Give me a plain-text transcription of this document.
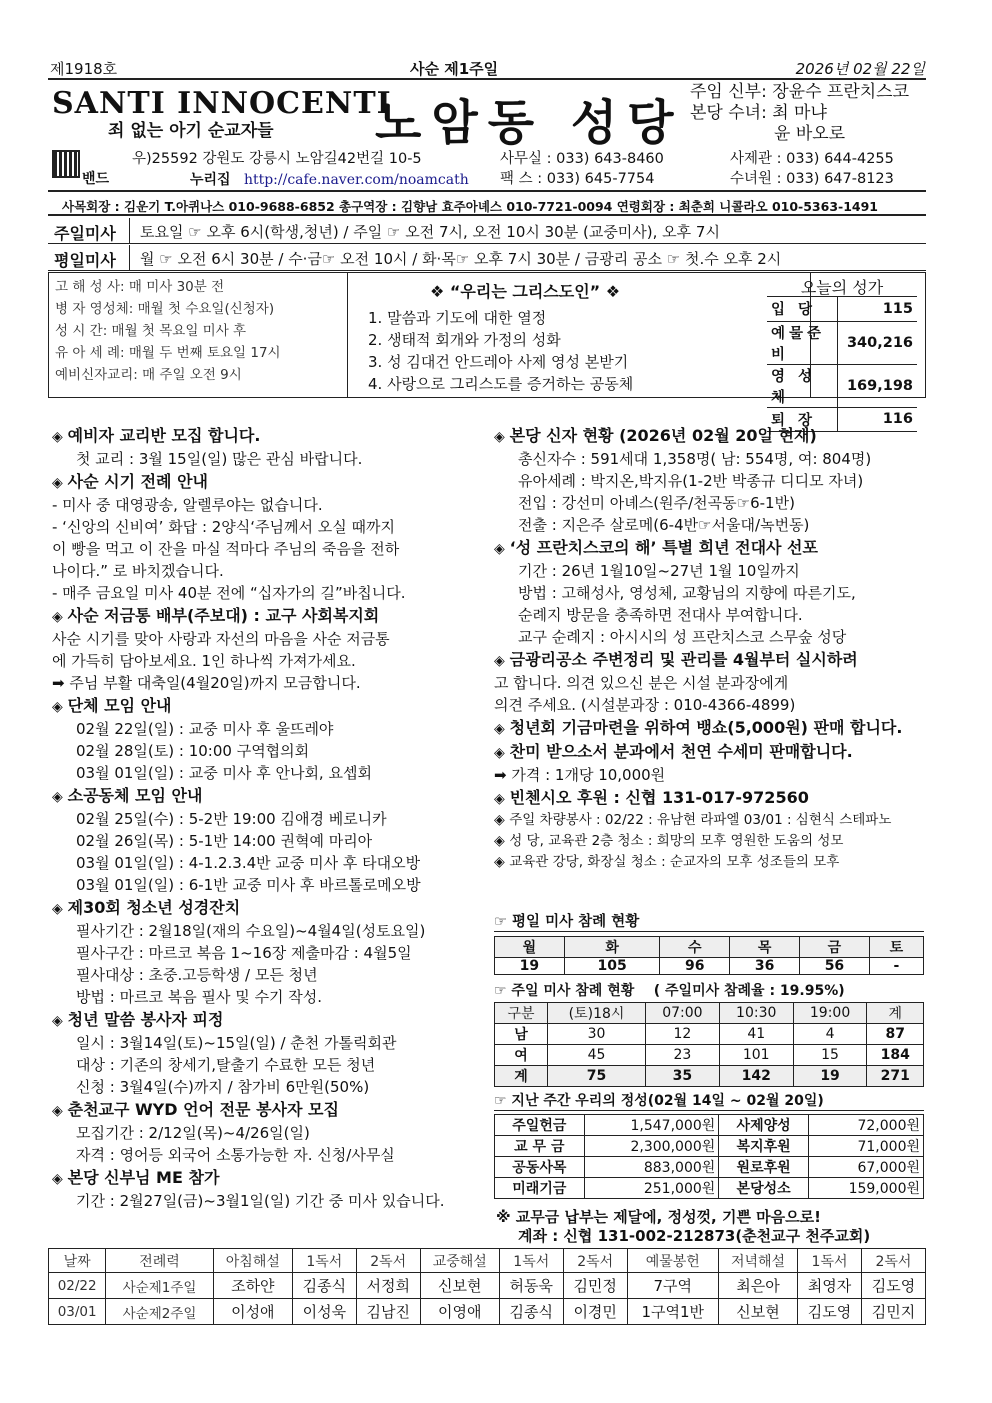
제1918호	사순 제1주일	2026년 02월 22일
SANTI INNOCENTI
죄 없는 아기 순교자들 노암동 성당
주임 신부: 장윤수 프란치스코
본당 수녀: 최 마냐
윤 바오로
밴드
우)25592 강원도 강릉시 노암길42번길 10-5
누리집 http://cafe.naver.com/noamcath
사무실 : 033) 643-8460
팩 스 : 033) 645-7754
사제관 : 033) 644-4255
수녀원 : 033) 647-8123
사목회장 : 김운기 T.아퀴나스 010-9688-6852 총구역장 : 김향남 효주아녜스 010-7721-0094 연령회장 : 최춘희 니콜라오 010-5363-1491
주일미사	토요일 ☞ 오후 6시(학생,청년) / 주일 ☞ 오전 7시, 오전 10시 30분 (교중미사), 오후 7시
평일미사	월 ☞ 오전 6시 30분 / 수·금☞ 오전 10시 / 화·목☞ 오후 7시 30분 / 금광리 공소 ☞ 첫.수 오후 2시
고 해 성 사: 매 미사 30분 전
병 자 영성체: 매월 첫 수요일(신청자)
성 시 간: 매월 첫 목요일 미사 후
유 아 세 례: 매월 두 번째 토요일 17시
예비신자교리: 매 주일 오전 9시
❖ “우리는 그리스도인” ❖
1. 말씀과 기도에 대한 열정
2. 생태적 회개와 가정의 성화
3. 성 김대건 안드레아 사제 영성 본받기
4. 사랑으로 그리스도를 증거하는 공동체
오늘의 성가
입 당	115
예물준비	340,216
영 성 체	169,198
퇴 장	116
◈ 예비자 교리반 모집 합니다.
첫 교리 : 3월 15일(일) 많은 관심 바랍니다.
◈ 사순 시기 전례 안내
- 미사 중 대영광송, 알렐루야는 없습니다.
- ‘신앙의 신비여’ 화답 : 2양식‘주님께서 오실 때까지
이 빵을 먹고 이 잔을 마실 적마다 주님의 죽음을 전하
나이다.” 로 바치겠습니다.
- 매주 금요일 미사 40분 전에 “십자가의 길”바칩니다.
◈ 사순 저금통 배부(주보대) : 교구 사회복지회
사순 시기를 맞아 사랑과 자선의 마음을 사순 저금통
에 가득히 담아보세요. 1인 하나씩 가져가세요.
➡ 주님 부활 대축일(4월20일)까지 모금합니다.
◈ 단체 모임 안내
02월 22일(일) : 교중 미사 후 울뜨레야
02월 28일(토) : 10:00 구역협의회
03월 01일(일) : 교중 미사 후 안나회, 요셉회
◈ 소공동체 모임 안내
02월 25일(수) : 5-2반 19:00 김애경 베로니카
02월 26일(목) : 5-1반 14:00 권혁예 마리아
03월 01일(일) : 4-1.2.3.4반 교중 미사 후 타대오방
03월 01일(일) : 6-1반 교중 미사 후 바르톨로메오방
◈ 제30회 청소년 성경잔치
필사기간 : 2월18일(재의 수요일)~4월4일(성토요일)
필사구간 : 마르코 복음 1~16장 제출마감 : 4월5일
필사대상 : 초중.고등학생 / 모든 청년
방법 : 마르코 복음 필사 및 수기 작성.
◈ 청년 말씀 봉사자 피정
일시 : 3월14일(토)~15일(일) / 춘천 가톨릭회관
대상 : 기존의 창세기,탈출기 수료한 모든 청년
신청 : 3월4일(수)까지 / 참가비 6만원(50%)
◈ 춘천교구 WYD 언어 전문 봉사자 모집
모집기간 : 2/12일(목)~4/26일(일)
자격 : 영어등 외국어 소통가능한 자. 신청/사무실
◈ 본당 신부님 ME 참가
기간 : 2월27일(금)~3월1일(일) 기간 중 미사 있습니다.
◈ 본당 신자 현황 (2026년 02월 20일 현재)
총신자수 : 591세대 1,358명( 남: 554명, 여: 804명)
유아세례 : 박지온,박지유(1-2반 박종규 디디모 자녀)
전입 : 강선미 아녜스(원주/천곡동☞6-1반)
전출 : 지은주 살로메(6-4반☞서울대/녹번동)
◈ ‘성 프란치스코의 해’ 특별 희년 전대사 선포
기간 : 26년 1월10일~27년 1월 10일까지
방법 : 고해성사, 영성체, 교황님의 지향에 따른기도,
순례지 방문을 충족하면 전대사 부여합니다.
교구 순례지 : 아시시의 성 프란치스코 스무숲 성당
◈ 금광리공소 주변정리 및 관리를 4월부터 실시하려
고 합니다. 의견 있으신 분은 시설 분과장에게
의견 주세요. (시설분과장 : 010-4366-4899)
◈ 청년회 기금마련을 위하여 뱅쇼(5,000원) 판매 합니다.
◈ 찬미 받으소서 분과에서 천연 수세미 판매합니다.
➡ 가격 : 1개당 10,000원
◈ 빈첸시오 후원 : 신협 131-017-972560
◈ 주일 차량봉사 : 02/22 : 유남현 라파엘 03/01 : 심현식 스테파노
◈ 성 당, 교육관 2층 청소 : 희망의 모후 영원한 도움의 성모
◈ 교육관 강당, 화장실 청소 : 순교자의 모후 성조들의 모후
☞ 평일 미사 참례 현황
월	화	수	목	금	토
19	105	96	36	56	-
☞ 주일 미사 참례 현황 ( 주일미사 참례율 : 19.95%)
구분	(토)18시	07:00	10:30	19:00	계
남	30	12	41	4	87
여	45	23	101	15	184
계	75	35	142	19	271
☞ 지난 주간 우리의 정성(02월 14일 ~ 02월 20일)
주일헌금	1,547,000원	사제양성	72,000원
교 무 금	2,300,000원	복지후원	71,000원
공동사목	883,000원	원로후원	67,000원
미래기금	251,000원	본당성소	159,000원
※ 교무금 납부는 제달에, 정성껏, 기쁜 마음으로!
계좌 : 신협 131-002-212873(춘천교구 천주교회)
날짜	전례력	아침해설	1독서	2독서	교중해설	1독서	2독서	예물봉헌	저녁해설	1독서	2독서
02/22	사순제1주일	조하얀	김종식	서정희	신보현	허동욱	김민정	7구역	최은아	최영자	김도영
03/01	사순제2주일	이성애	이성욱	김남진	이영애	김종식	이경민	1구역1반	신보현	김도영	김민지
